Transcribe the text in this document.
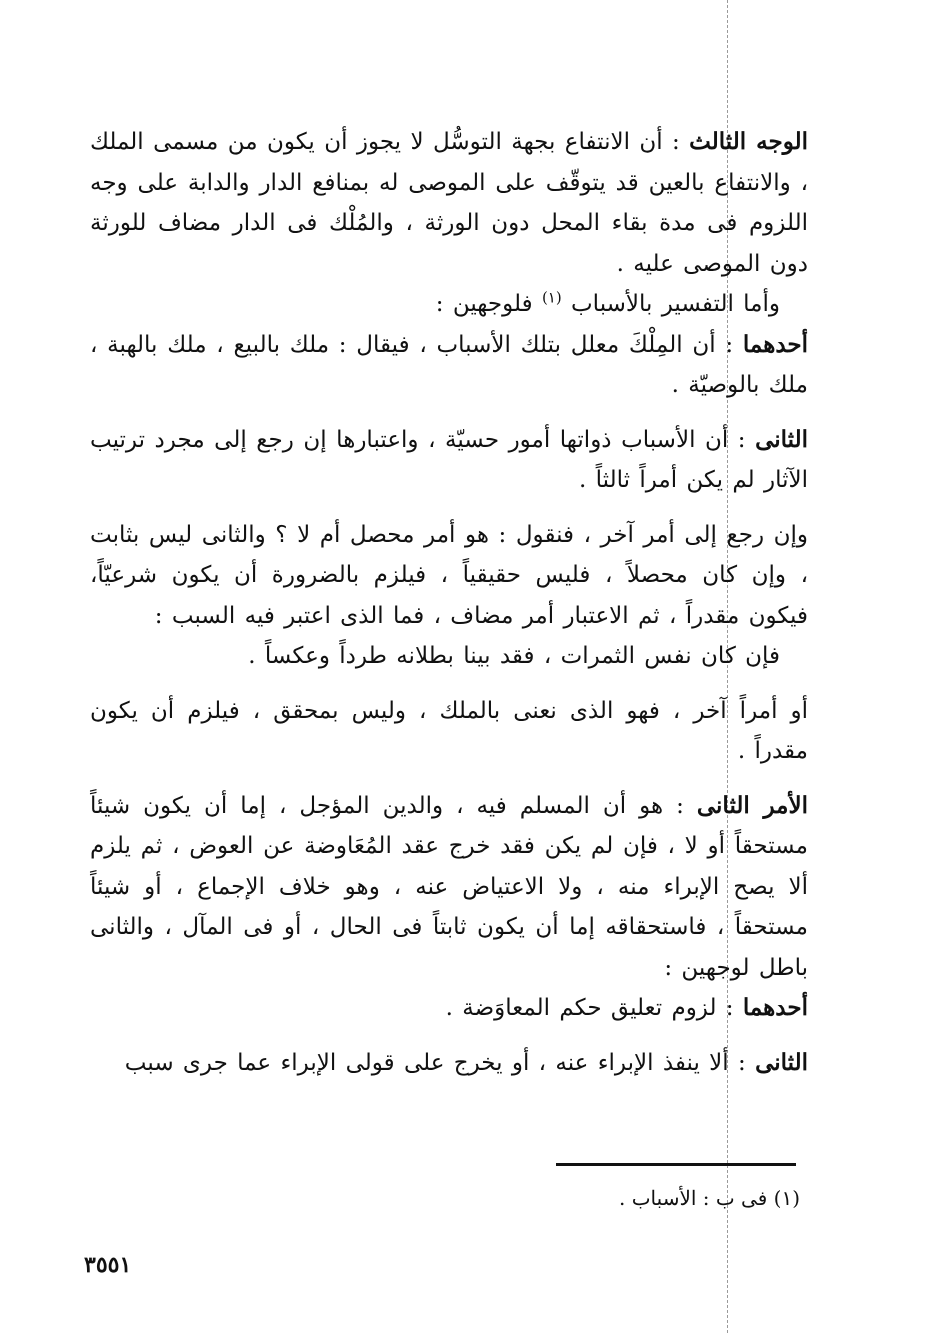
الوجه الثالث : أن الانتفاع بجهة التوسُّل لا يجوز أن يكون من مسمى الملك ، والانتفاع بالعين قد يتوقّف على الموصى له بمنافع الدار والدابة على وجه اللزوم فى مدة بقاء المحل دون الورثة ، والمُلْك فى الدار مضاف للورثة دون الموصى عليه .

وأما التفسير بالأسباب $^{(١)}$ فلوجهين :

أحدهما : أن المِلْكَ معلل بتلك الأسباب ، فيقال : ملك بالبيع ، ملك بالهبة ، ملك بالوصيّة .

الثانى : أن الأسباب ذواتها أمور حسيّة ، واعتبارها إن رجع إلى مجرد ترتيب الآثار لم يكن أمراً ثالثاً .

وإن رجع إلى أمر آخر ، فنقول : هو أمر محصل أم لا ؟ والثانى ليس بثابت ، وإن كان محصلاً ، فليس حقيقياً ، فيلزم بالضرورة أن يكون شرعيّاً، فيكون مقدراً ، ثم الاعتبار أمر مضاف ، فما الذى اعتبر فيه السبب :

فإن كان نفس الثمرات ، فقد بينا بطلانه طرداً وعكساً .

أو أمراً آخر ، فهو الذى نعنى بالملك ، وليس بمحقق ، فيلزم أن يكون مقدراً .

الأمر الثانى : هو أن المسلم فيه ، والدين المؤجل ، إما أن يكون شيئاً مستحقاً أو لا ، فإن لم يكن فقد خرج عقد المُعَاوضة عن العوض ، ثم يلزم ألا يصح الإبراء منه ، ولا الاعتياض عنه ، وهو خلاف الإجماع ، أو شيئاً مستحقاً ، فاستحقاقه إما أن يكون ثابتاً فى الحال ، أو فى المآل ، والثانى باطل لوجهين :

أحدهما : لزوم تعليق حكم المعاوَضة .

الثانى : ألا ينفذ الإبراء عنه ، أو يخرج على قولى الإبراء عما جرى سبب

(١) فى ب : الأسباب .
٣٥٥١
